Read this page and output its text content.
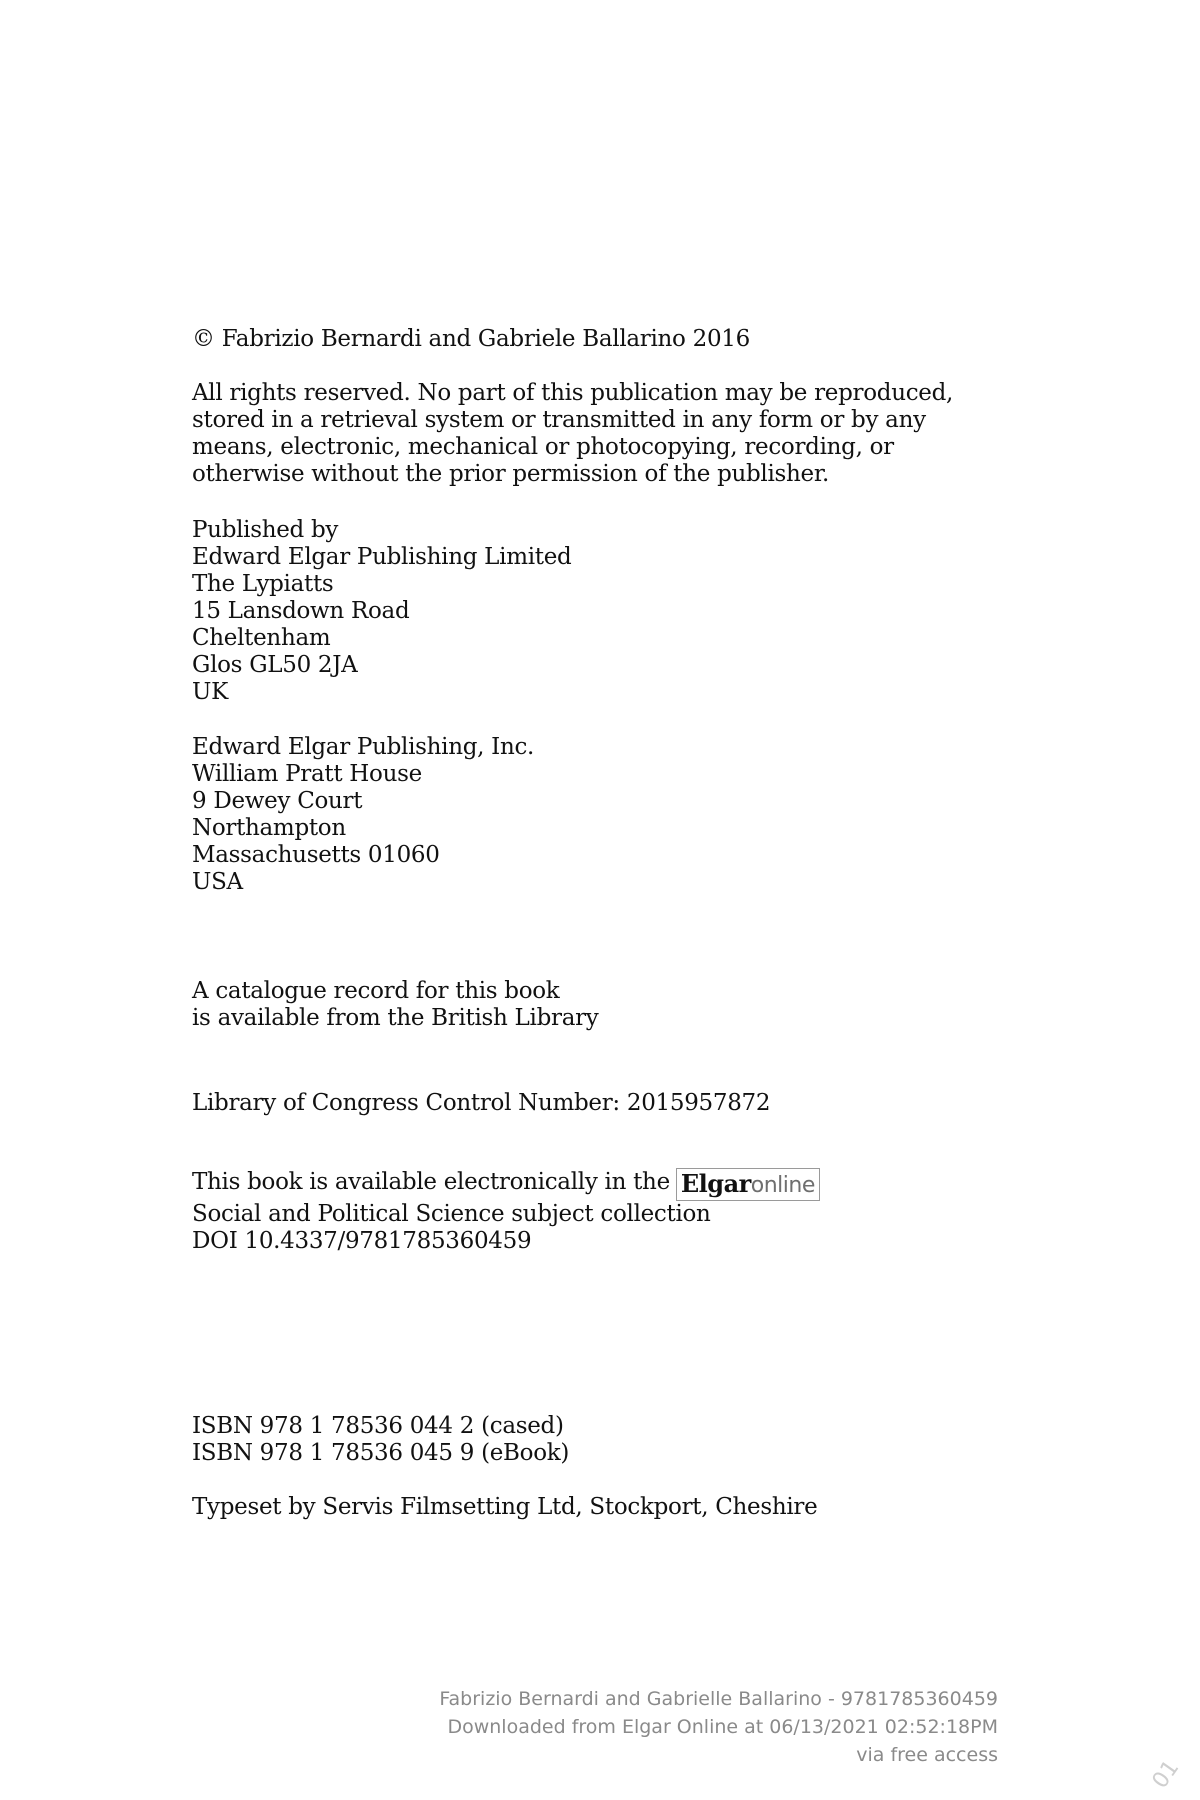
© Fabrizio Bernardi and Gabriele Ballarino 2016
All rights reserved. No part of this publication may be reproduced, stored in a retrieval system or transmitted in any form or by any means, electronic, mechanical or photocopying, recording, or otherwise without the prior permission of the publisher.
Published by
Edward Elgar Publishing Limited
The Lypiatts
15 Lansdown Road
Cheltenham
Glos GL50 2JA
UK
Edward Elgar Publishing, Inc.
William Pratt House
9 Dewey Court
Northampton
Massachusetts 01060
USA
A catalogue record for this book
is available from the British Library
Library of Congress Control Number: 2015957872
This book is available electronically in the Elgaronline
Social and Political Science subject collection
DOI 10.4337/9781785360459
ISBN 978 1 78536 044 2 (cased)
ISBN 978 1 78536 045 9 (eBook)
Typeset by Servis Filmsetting Ltd, Stockport, Cheshire
Fabrizio Bernardi and Gabrielle Ballarino - 9781785360459
Downloaded from Elgar Online at 06/13/2021 02:52:18PM
via free access
01
